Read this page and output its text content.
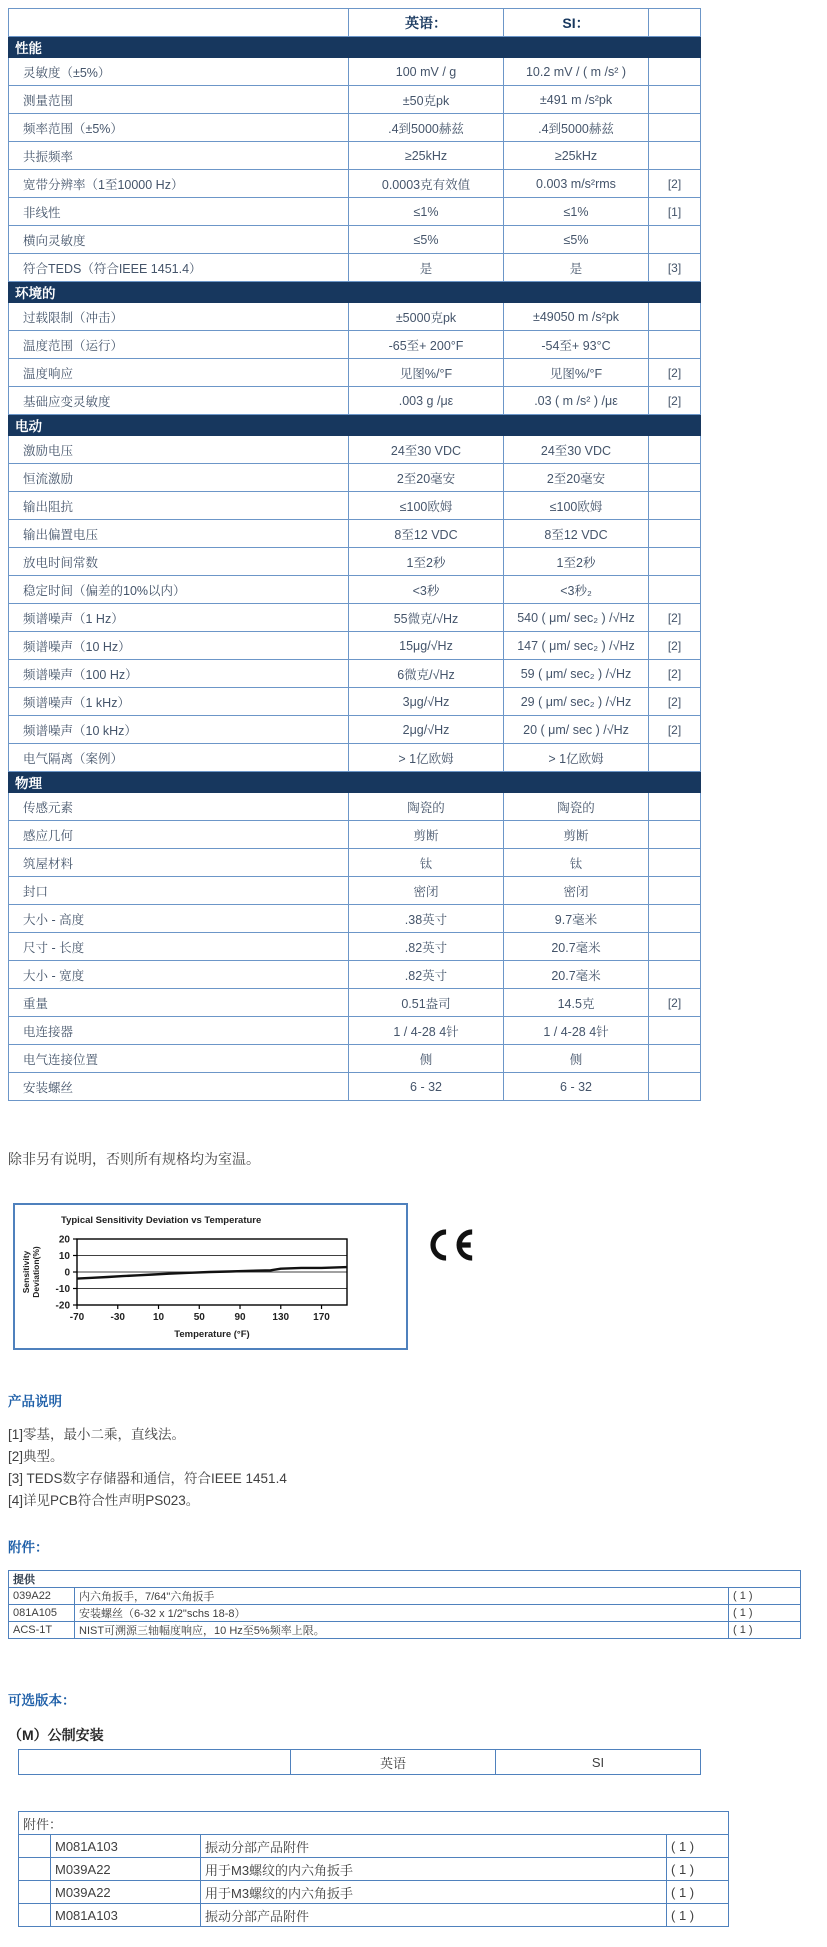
	英语：	SI：	
性能			
灵敏度（±5%）	100 mV / g	10.2 mV / ( m /s² )	
测量范围	±50克pk	±491 m /s²pk	
频率范围（±5%）	.4到5000赫兹	.4到5000赫兹	
共振频率	≥25kHz	≥25kHz	
宽带分辨率（1至10000 Hz）	0.0003克有效值	0.003 m/s²rms	[2]
非线性	≤1%	≤1%	[1]
横向灵敏度	≤5%	≤5%	
符合TEDS（符合IEEE 1451.4）	是	是	[3]
环境的			
过载限制（冲击）	±5000克pk	±49050 m /s²pk	
温度范围（运行）	-65至+ 200°F	-54至+ 93°C	
温度响应	见图%/°F	见图%/°F	[2]
基础应变灵敏度	.003 g /με	.03 ( m /s² ) /με	[2]
电动			
激励电压	24至30 VDC	24至30 VDC	
恒流激励	2至20毫安	2至20毫安	
输出阻抗	≤100欧姆	≤100欧姆	
输出偏置电压	8至12 VDC	8至12 VDC	
放电时间常数	1至2秒	1至2秒	
稳定时间（偏差的10%以内）	<3秒	<3秒₂	
频谱噪声（1 Hz）	55微克/√Hz	540 ( μm/ sec₂ ) /√Hz	[2]
频谱噪声（10 Hz）	15μg/√Hz	147 ( μm/ sec₂ ) /√Hz	[2]
频谱噪声（100 Hz）	6微克/√Hz	59 ( μm/ sec₂ ) /√Hz	[2]
频谱噪声（1 kHz）	3μg/√Hz	29 ( μm/ sec₂ ) /√Hz	[2]
频谱噪声（10 kHz）	2μg/√Hz	20 ( μm/ sec ) /√Hz	[2]
电气隔离（案例）	> 1亿欧姆	> 1亿欧姆	
物理			
传感元素	陶瓷的	陶瓷的	
感应几何	剪断	剪断	
筑屋材料	钛	钛	
封口	密闭	密闭	
大小 - 高度	.38英寸	9.7毫米	
尺寸 - 长度	.82英寸	20.7毫米	
大小 - 宽度	.82英寸	20.7毫米	
重量	0.51盎司	14.5克	[2]
电连接器	1 / 4-28 4针	1 / 4-28 4针	
电气连接位置	侧	侧	
安装螺丝	6 - 32	6 - 32	
除非另有说明，否则所有规格均为室温。
Typical Sensitivity Deviation vs Temperature
20
10
0
-10
-20
-70	-30	10	50	90	130 170
Temperature (°F)
Sensitivity Deviation(%)
产品说明
[1]零基，最小二乘，直线法。
[2]典型。
[3] TEDS数字存储器和通信，符合IEEE 1451.4
[4]详见PCB符合性声明PS023。
附件：
提供		
039A22	内六角扳手，7/64"六角扳手	( 1 )
081A105	安装螺丝（6-32 x 1/2"schs 18-8）	( 1 )
ACS-1T	NIST可溯源三轴幅度响应，10 Hz至5%频率上限。	( 1 )
可选版本：
（M）公制安装
	英语	SI
附件：			
	M081A103	振动分部产品附件	( 1 )
	M039A22	用于M3螺纹的内六角扳手	( 1 )
	M039A22	用于M3螺纹的内六角扳手	( 1 )
	M081A103	振动分部产品附件	( 1 )
